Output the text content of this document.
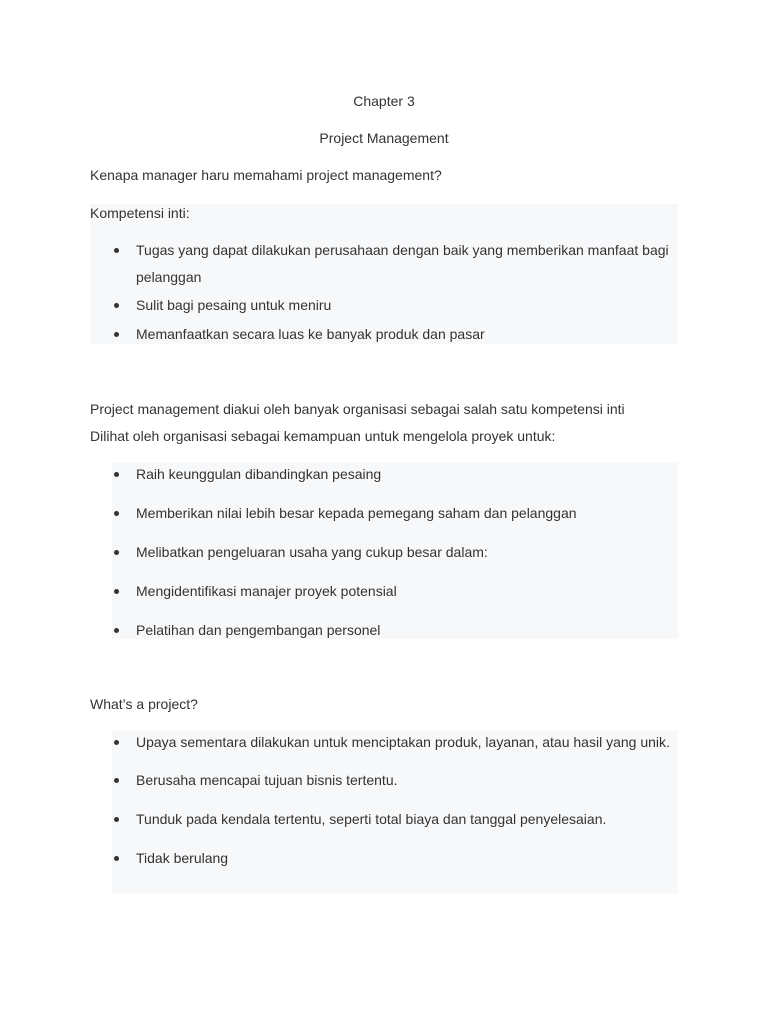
Chapter 3
Project Management
Kenapa manager haru memahami project management?
Kompetensi inti:
Tugas yang dapat dilakukan perusahaan dengan baik yang memberikan manfaat bagi pelanggan
Sulit bagi pesaing untuk meniru
Memanfaatkan secara luas ke banyak produk dan pasar
Project management diakui oleh banyak organisasi sebagai salah satu kompetensi inti
Dilihat oleh organisasi sebagai kemampuan untuk mengelola proyek untuk:
Raih keunggulan dibandingkan pesaing
Memberikan nilai lebih besar kepada pemegang saham dan pelanggan
Melibatkan pengeluaran usaha yang cukup besar dalam:
Mengidentifikasi manajer proyek potensial
Pelatihan dan pengembangan personel
What’s a project?
Upaya sementara dilakukan untuk menciptakan produk, layanan, atau hasil yang unik.
Berusaha mencapai tujuan bisnis tertentu.
Tunduk pada kendala tertentu, seperti total biaya dan tanggal penyelesaian.
Tidak berulang
